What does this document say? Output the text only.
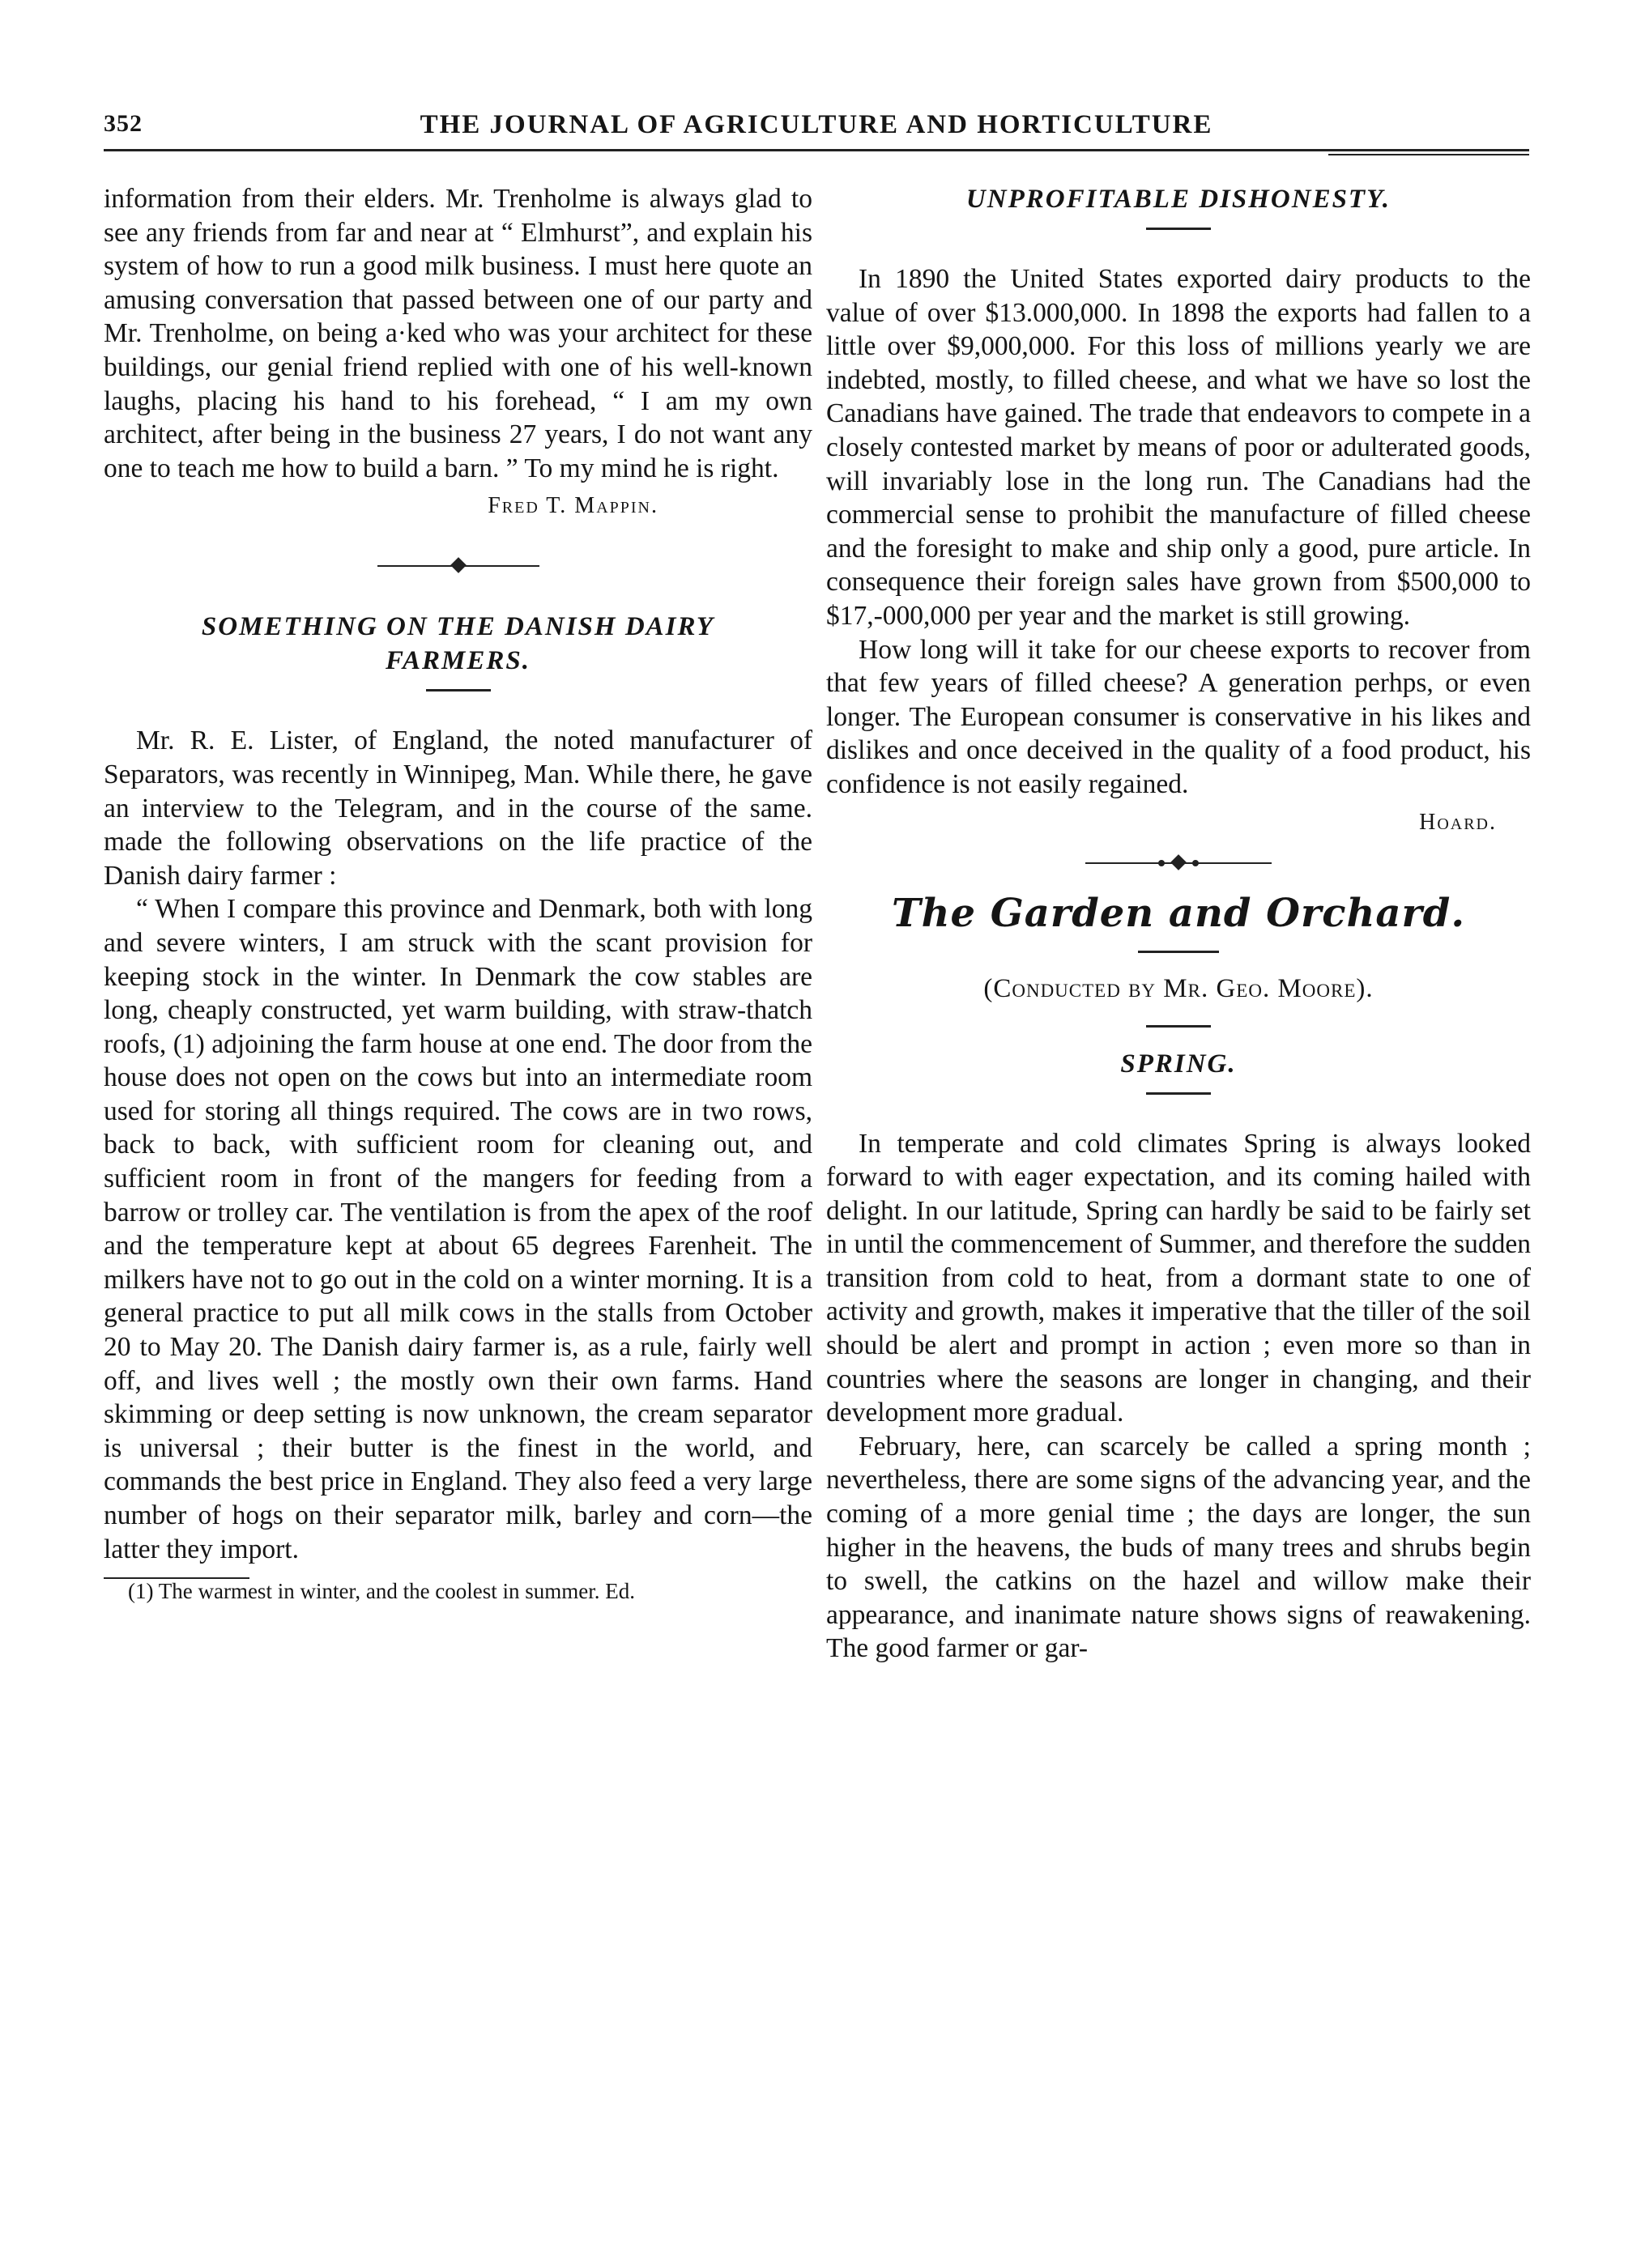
352	THE JOURNAL OF AGRICULTURE AND HORTICULTURE

information from their elders. Mr. Trenholme is always glad to see any friends from far and near at “ Elmhurst”, and explain his system of how to run a good milk business. I must here quote an amusing conversation that passed between one of our party and Mr. Trenholme, on being a·ked who was your architect for these buildings, our genial friend replied with one of his well-known laughs, placing his hand to his forehead, “ I am my own architect, after being in the business 27 years, I do not want any one to teach me how to build a barn. ” To my mind he is right.

Fred T. Mappin.

SOMETHING ON THE DANISH DAIRY

FARMERS.

Mr. R. E. Lister, of England, the noted manufacturer of Separators, was recently in Winnipeg, Man. While there, he gave an interview to the Telegram, and in the course of the same. made the following observations on the life practice of the Danish dairy farmer :

“ When I compare this province and Denmark, both with long and severe winters, I am struck with the scant provision for keeping stock in the winter. In Denmark the cow stables are long, cheaply constructed, yet warm building, with straw-thatch roofs, (1) adjoining the farm house at one end. The door from the house does not open on the cows but into an intermediate room used for storing all things required. The cows are in two rows, back to back, with sufficient room for cleaning out, and sufficient room in front of the mangers for feeding from a barrow or trolley car. The ventilation is from the apex of the roof and the temperature kept at about 65 degrees Farenheit. The milkers have not to go out in the cold on a winter morning. It is a general practice to put all milk cows in the stalls from October 20 to May 20. The Danish dairy farmer is, as a rule, fairly well off, and lives well ; the mostly own their own farms. Hand skimming or deep setting is now unknown, the cream separator is universal ; their butter is the finest in the world, and commands the best price in England. They also feed a very large number of hogs on their separator milk, barley and corn—the latter they import.

(1) The warmest in winter, and the coolest in summer. Ed.

UNPROFITABLE DISHONESTY.

In 1890 the United States exported dairy products to the value of over $13.000,000. In 1898 the exports had fallen to a little over $9,000,000. For this loss of millions yearly we are indebted, mostly, to filled cheese, and what we have so lost the Canadians have gained. The trade that endeavors to compete in a closely contested market by means of poor or adulterated goods, will invariably lose in the long run. The Canadians had the commercial sense to prohibit the manufacture of filled cheese and the foresight to make and ship only a good, pure article. In consequence their foreign sales have grown from $500,000 to $17,-000,000 per year and the market is still growing.

How long will it take for our cheese exports to recover from that few years of filled cheese? A generation perhps, or even longer. The European consumer is conservative in his likes and dislikes and once deceived in the quality of a food product, his confidence is not easily regained.

Hoard.

The Garden and Orchard.

(Conducted by Mr. Geo. Moore).

SPRING.

In temperate and cold climates Spring is always looked forward to with eager expectation, and its coming hailed with delight. In our latitude, Spring can hardly be said to be fairly set in until the commencement of Summer, and therefore the sudden transition from cold to heat, from a dormant state to one of activity and growth, makes it imperative that the tiller of the soil should be alert and prompt in action ; even more so than in countries where the seasons are longer in changing, and their development more gradual.

February, here, can scarcely be called a spring month ; nevertheless, there are some signs of the advancing year, and the coming of a more genial time ; the days are longer, the sun higher in the heavens, the buds of many trees and shrubs begin to swell, the catkins on the hazel and willow make their appearance, and inanimate nature shows signs of reawakening. The good farmer or gar-
